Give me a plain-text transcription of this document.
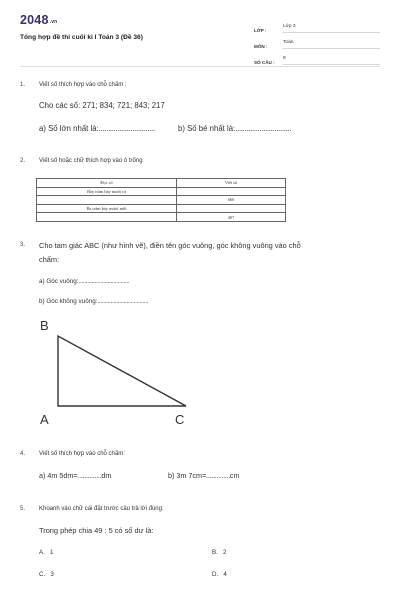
$2048_{.vn}$
Tổng hợp đề thi cuối kì I Toán 3 (Đề 36)
LỚP :
Lớp 3
MÔN :
Toán
SỐ CÂU :
8
1. Viết số thích hợp vào chỗ chấm :
Cho các số: 271; 834; 721; 843; 217
a) Số lớn nhất là:..............................	b) Số bé nhất là:..............................
2. Viết số hoặc chữ thích hợp vào ô trống
Đọc số	Viết số
Bảy trăm bảy mươi tư	
	666
Ba trăm bảy mươi mốt	
	407
3. Cho tam giác ABC (như hình vẽ), điền tên góc vuông, góc không vuông vào chỗ
chấm:
a) Góc vuông:...................................
b) Góc không vuông:...................................
B
A	C
4. Viết số thích hợp vào chỗ chấm:
a) 4m 5dm=..............dm	b) 3m 7cm=..............cm
5. Khoanh vào chữ cái đặt trước câu trả lời đúng:
Trong phép chia 49 : 5 có số dư là:
A. 1	B. 2
C. 3	D. 4
